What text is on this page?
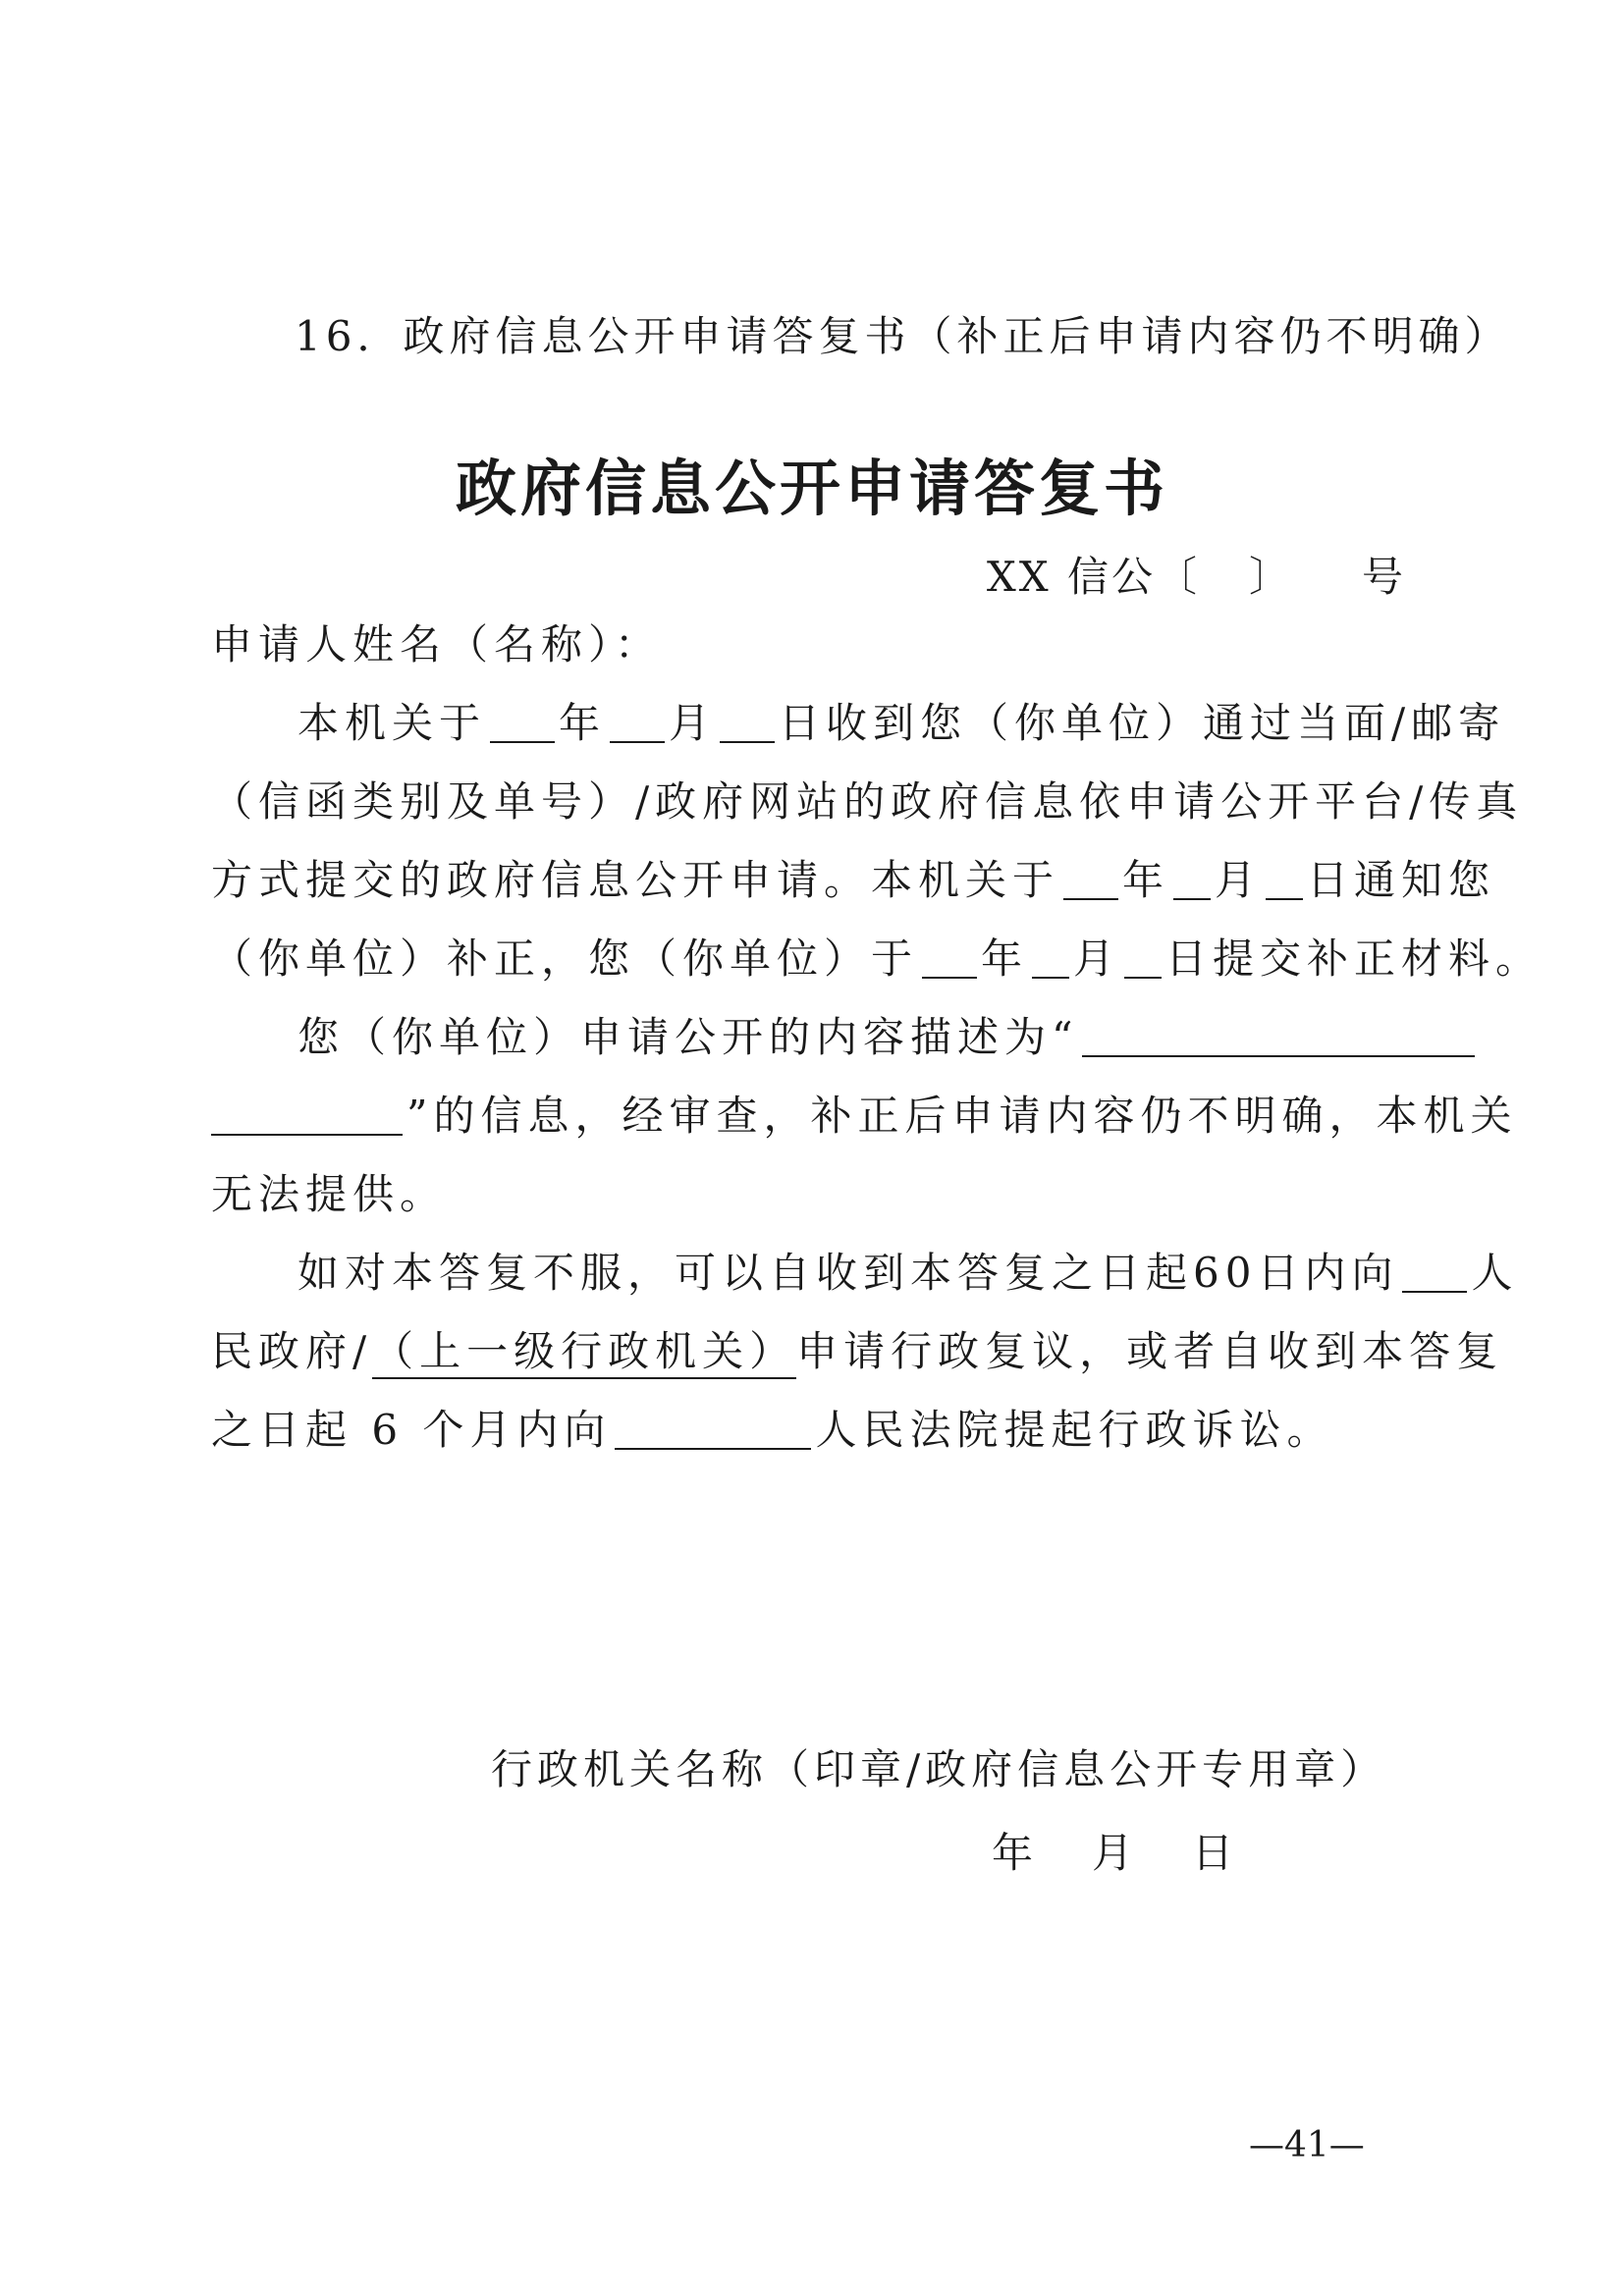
16．政府信息公开申请答复书（补正后申请内容仍不明确）
政府信息公开申请答复书
XX 信公〔 〕 号
申请人姓名（名称）：
本机关于 年 月 日收到您（你单位）通过当面/邮寄
（信函类别及单号）/政府网站的政府信息依申请公开平台/传真
方式提交的政府信息公开申请。本机关于 年 月 日通知您
（你单位）补正，您（你单位）于 年 月 日提交补正材料。
您（你单位）申请公开的内容描述为“
”的信息，经审查，补正后申请内容仍不明确，本机关
无法提供。
如对本答复不服，可以自收到本答复之日起60日内向 人
民政府/（上一级行政机关）申请行政复议，或者自收到本答复
之日起 6 个月内向	人民法院提起行政诉讼。
行政机关名称（印章/政府信息公开专用章）
年 月 日
—41—
